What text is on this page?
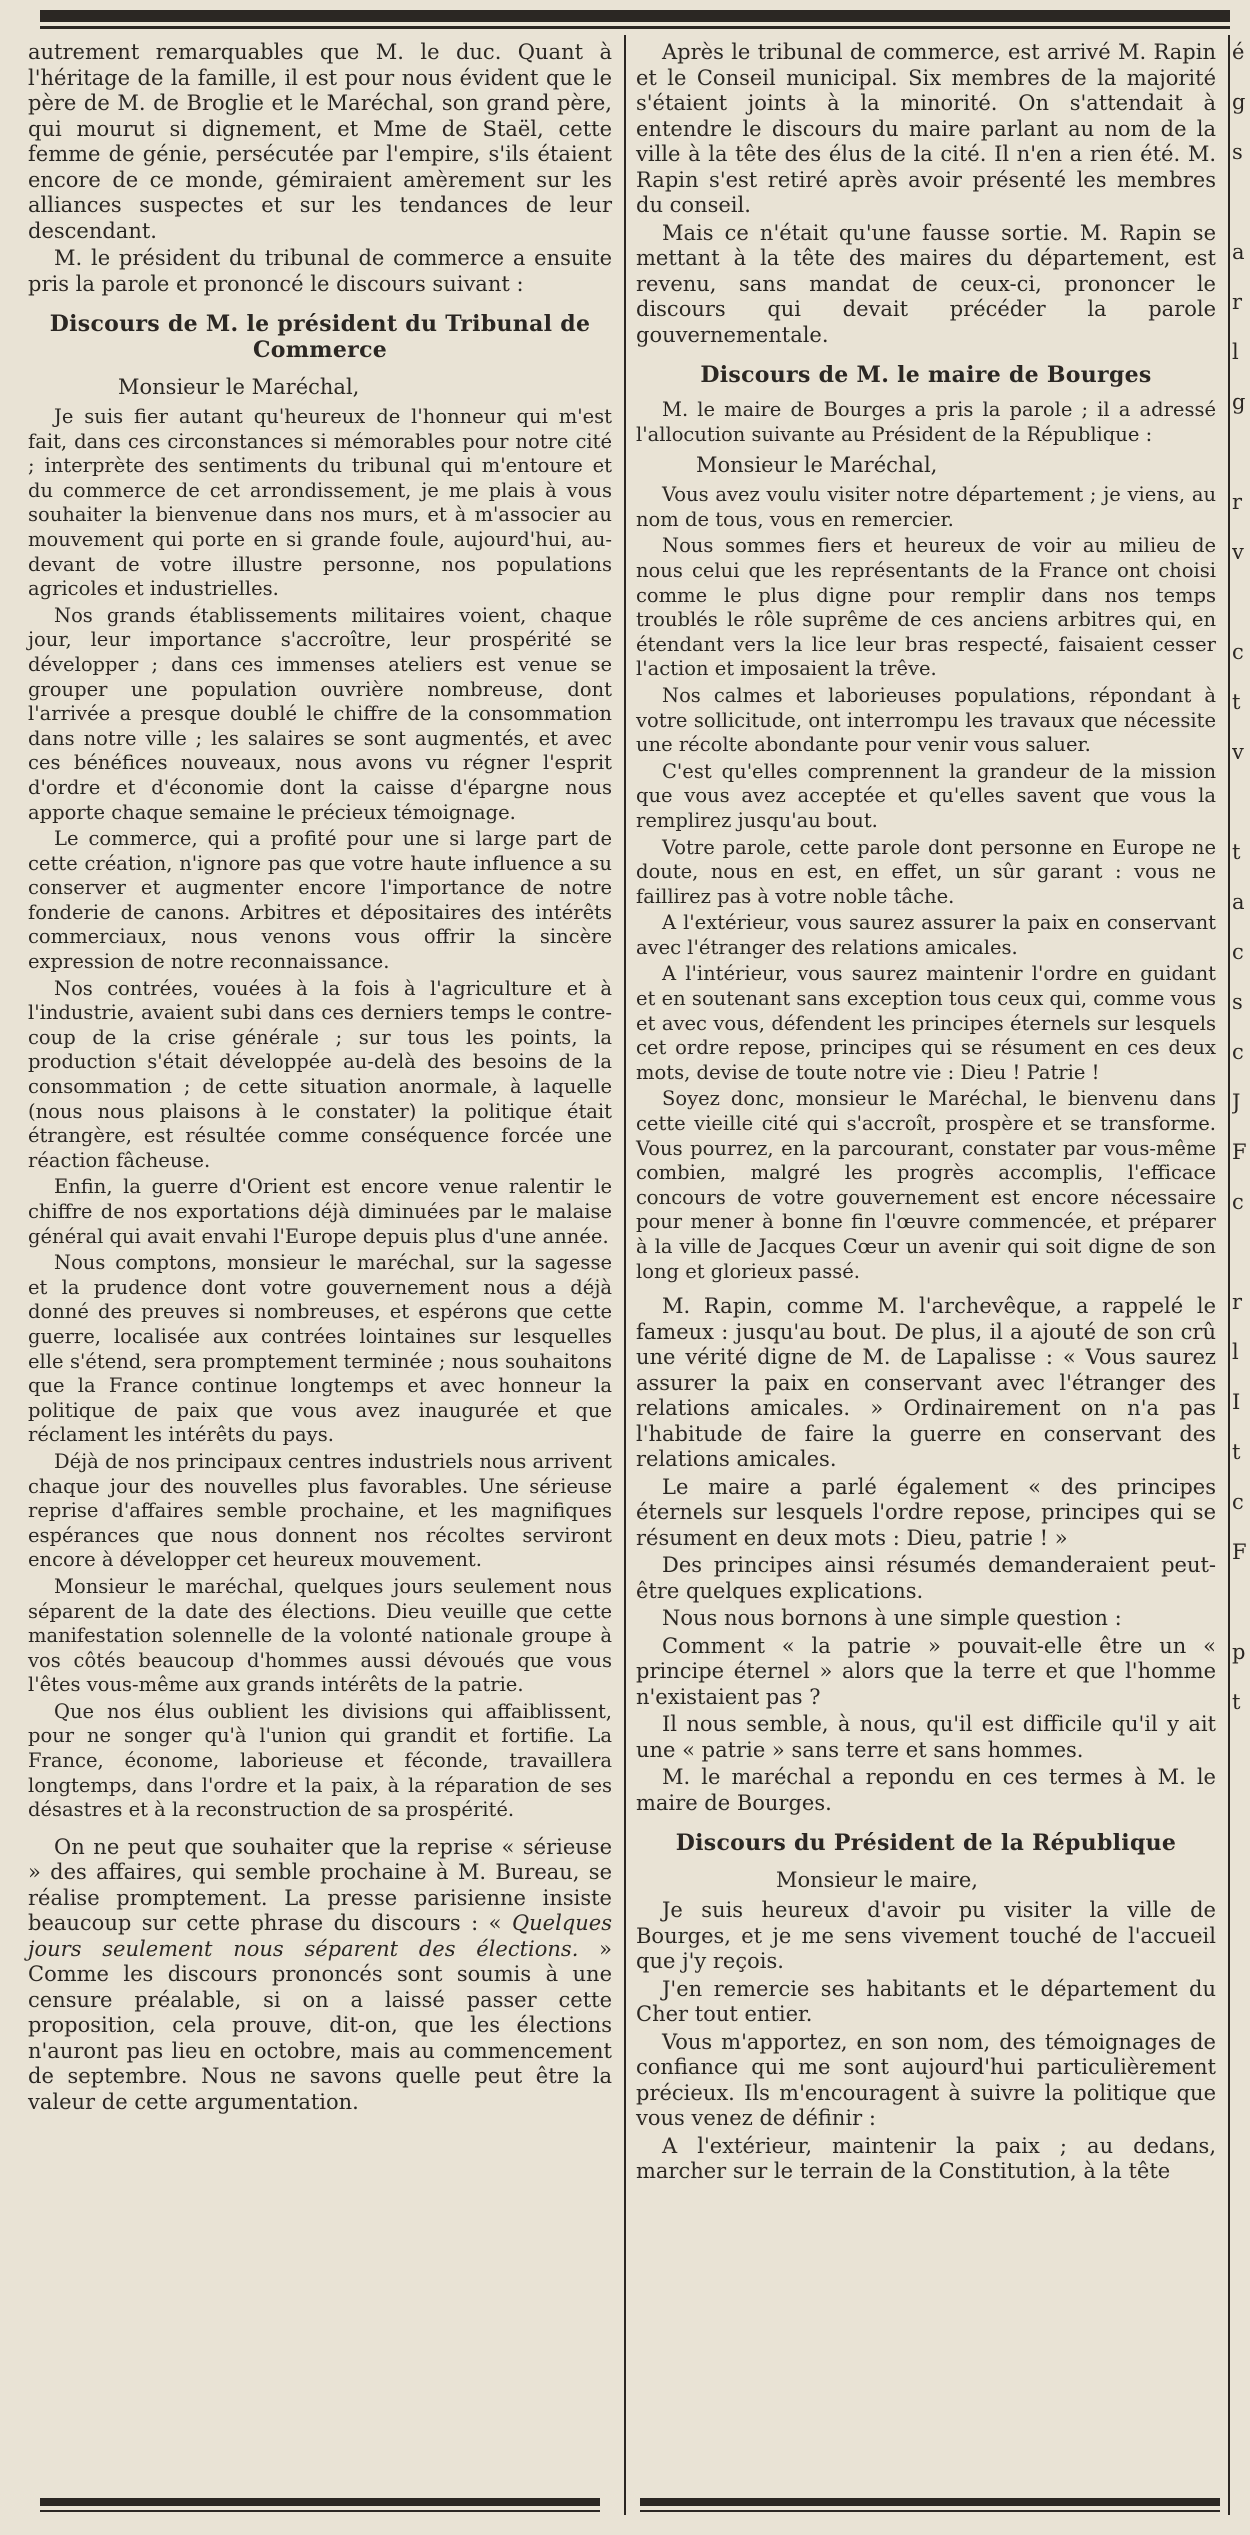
autrement remarquables que M. le duc. Quant à l'héritage de la famille, il est pour nous évident que le père de M. de Broglie et le Maréchal, son grand père, qui mourut si dignement, et Mme de Staël, cette femme de génie, persécutée par l'empire, s'ils étaient encore de ce monde, gémiraient amèrement sur les alliances suspectes et sur les tendances de leur descendant.

M. le président du tribunal de commerce a ensuite pris la parole et prononcé le discours suivant :

Discours de M. le président du Tribunal de Commerce
Monsieur le Maréchal,

Je suis fier autant qu'heureux de l'honneur qui m'est fait, dans ces circonstances si mémorables pour notre cité ; interprète des sentiments du tribunal qui m'entoure et du commerce de cet arrondissement, je me plais à vous souhaiter la bienvenue dans nos murs, et à m'associer au mouvement qui porte en si grande foule, aujourd'hui, au-devant de votre illustre personne, nos populations agricoles et industrielles.

Nos grands établissements militaires voient, chaque jour, leur importance s'accroître, leur prospérité se développer ; dans ces immenses ateliers est venue se grouper une population ouvrière nombreuse, dont l'arrivée a presque doublé le chiffre de la consommation dans notre ville ; les salaires se sont augmentés, et avec ces bénéfices nouveaux, nous avons vu régner l'esprit d'ordre et d'économie dont la caisse d'épargne nous apporte chaque semaine le précieux témoignage.

Le commerce, qui a profité pour une si large part de cette création, n'ignore pas que votre haute influence a su conserver et augmenter encore l'importance de notre fonderie de canons. Arbitres et dépositaires des intérêts commerciaux, nous venons vous offrir la sincère expression de notre reconnaissance.

Nos contrées, vouées à la fois à l'agriculture et à l'industrie, avaient subi dans ces derniers temps le contre-coup de la crise générale ; sur tous les points, la production s'était développée au-delà des besoins de la consommation ; de cette situation anormale, à laquelle (nous nous plaisons à le constater) la politique était étrangère, est résultée comme conséquence forcée une réaction fâcheuse.

Enfin, la guerre d'Orient est encore venue ralentir le chiffre de nos exportations déjà diminuées par le malaise général qui avait envahi l'Europe depuis plus d'une année.

Nous comptons, monsieur le maréchal, sur la sagesse et la prudence dont votre gouvernement nous a déjà donné des preuves si nombreuses, et espérons que cette guerre, localisée aux contrées lointaines sur lesquelles elle s'étend, sera promptement terminée ; nous souhaitons que la France continue longtemps et avec honneur la politique de paix que vous avez inaugurée et que réclament les intérêts du pays.

Déjà de nos principaux centres industriels nous arrivent chaque jour des nouvelles plus favorables. Une sérieuse reprise d'affaires semble prochaine, et les magnifiques espérances que nous donnent nos récoltes serviront encore à développer cet heureux mouvement.

Monsieur le maréchal, quelques jours seulement nous séparent de la date des élections. Dieu veuille que cette manifestation solennelle de la volonté nationale groupe à vos côtés beaucoup d'hommes aussi dévoués que vous l'êtes vous-même aux grands intérêts de la patrie.

Que nos élus oublient les divisions qui affaiblissent, pour ne songer qu'à l'union qui grandit et fortifie. La France, économe, laborieuse et féconde, travaillera longtemps, dans l'ordre et la paix, à la réparation de ses désastres et à la reconstruction de sa prospérité.

On ne peut que souhaiter que la reprise « sérieuse » des affaires, qui semble prochaine à M. Bureau, se réalise promptement. La presse parisienne insiste beaucoup sur cette phrase du discours : « Quelques jours seulement nous séparent des élections. » Comme les discours prononcés sont soumis à une censure préalable, si on a laissé passer cette proposition, cela prouve, dit-on, que les élections n'auront pas lieu en octobre, mais au commencement de septembre. Nous ne savons quelle peut être la valeur de cette argumentation.

Après le tribunal de commerce, est arrivé M. Rapin et le Conseil municipal. Six membres de la majorité s'étaient joints à la minorité. On s'attendait à entendre le discours du maire parlant au nom de la ville à la tête des élus de la cité. Il n'en a rien été. M. Rapin s'est retiré après avoir présenté les membres du conseil.

Mais ce n'était qu'une fausse sortie. M. Rapin se mettant à la tête des maires du département, est revenu, sans mandat de ceux-ci, prononcer le discours qui devait précéder la parole gouvernementale.

Discours de M. le maire de Bourges

M. le maire de Bourges a pris la parole ; il a adressé l'allocution suivante au Président de la République :

Monsieur le Maréchal,

Vous avez voulu visiter notre département ; je viens, au nom de tous, vous en remercier.

Nous sommes fiers et heureux de voir au milieu de nous celui que les représentants de la France ont choisi comme le plus digne pour remplir dans nos temps troublés le rôle suprême de ces anciens arbitres qui, en étendant vers la lice leur bras respecté, faisaient cesser l'action et imposaient la trêve.

Nos calmes et laborieuses populations, répondant à votre sollicitude, ont interrompu les travaux que nécessite une récolte abondante pour venir vous saluer.

C'est qu'elles comprennent la grandeur de la mission que vous avez acceptée et qu'elles savent que vous la remplirez jusqu'au bout.

Votre parole, cette parole dont personne en Europe ne doute, nous en est, en effet, un sûr garant : vous ne faillirez pas à votre noble tâche.

A l'extérieur, vous saurez assurer la paix en conservant avec l'étranger des relations amicales.

A l'intérieur, vous saurez maintenir l'ordre en guidant et en soutenant sans exception tous ceux qui, comme vous et avec vous, défendent les principes éternels sur lesquels cet ordre repose, principes qui se résument en ces deux mots, devise de toute notre vie : Dieu ! Patrie !

Soyez donc, monsieur le Maréchal, le bienvenu dans cette vieille cité qui s'accroît, prospère et se transforme. Vous pourrez, en la parcourant, constater par vous-même combien, malgré les progrès accomplis, l'efficace concours de votre gouvernement est encore nécessaire pour mener à bonne fin l'œuvre commencée, et préparer à la ville de Jacques Cœur un avenir qui soit digne de son long et glorieux passé.

M. Rapin, comme M. l'archevêque, a rappelé le fameux : jusqu'au bout. De plus, il a ajouté de son crû une vérité digne de M. de Lapalisse : « Vous saurez assurer la paix en conservant avec l'étranger des relations amicales. » Ordinairement on n'a pas l'habitude de faire la guerre en conservant des relations amicales.

Le maire a parlé également « des principes éternels sur lesquels l'ordre repose, principes qui se résument en deux mots : Dieu, patrie ! »

Des principes ainsi résumés demanderaient peut-être quelques explications.

Nous nous bornons à une simple question :

Comment « la patrie » pouvait-elle être un « principe éternel » alors que la terre et que l'homme n'existaient pas ?

Il nous semble, à nous, qu'il est difficile qu'il y ait une « patrie » sans terre et sans hommes.

M. le maréchal a repondu en ces termes à M. le maire de Bourges.

Discours du Président de la République
Monsieur le maire,

Je suis heureux d'avoir pu visiter la ville de Bourges, et je me sens vivement touché de l'accueil que j'y reçois.

J'en remercie ses habitants et le département du Cher tout entier.

Vous m'apportez, en son nom, des témoignages de confiance qui me sont aujourd'hui particulièrement précieux. Ils m'encouragent à suivre la politique que vous venez de définir :

A l'extérieur, maintenir la paix ; au dedans, marcher sur le terrain de la Constitution, à la tête

é
g
s
a
r
l
g
r
v
c
t
v
t
a
c
s
c
J
F
c
r
l
I
t
c
F
p
t
